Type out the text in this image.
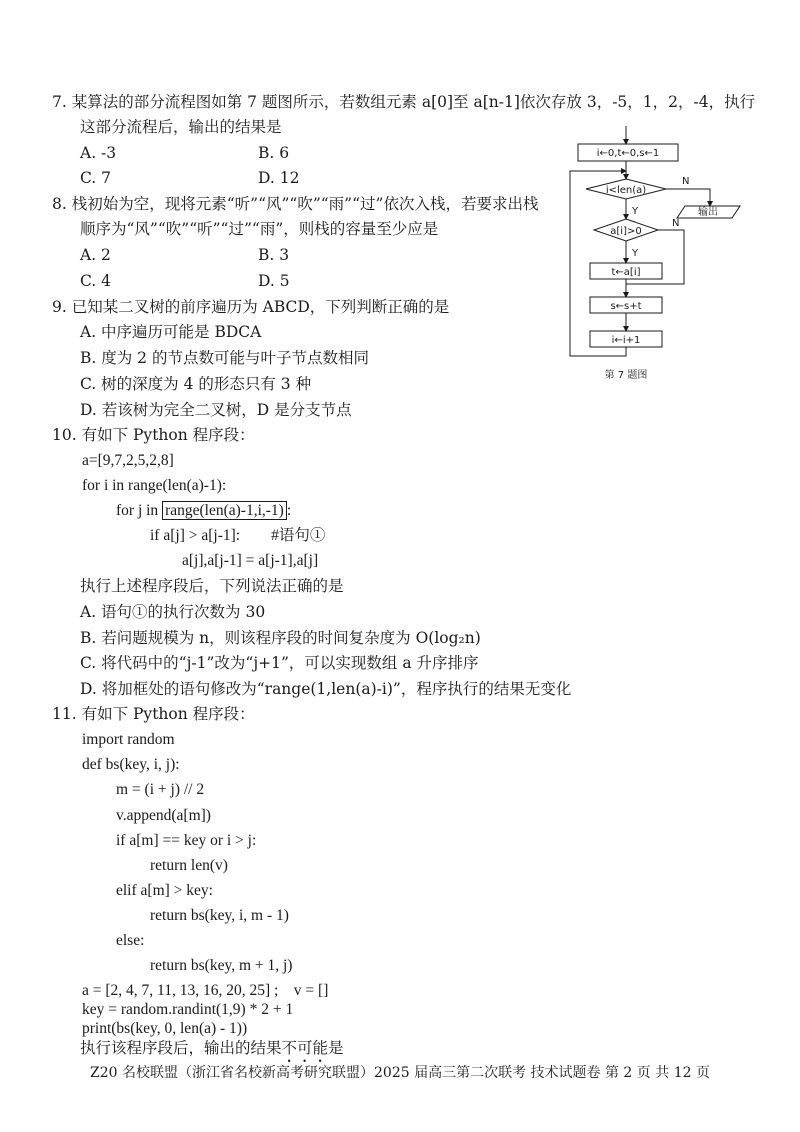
7. 某算法的部分流程图如第 7 题图所示，若数组元素 a[0]至 a[n-1]依次存放 3，-5，1，2，-4，执行
这部分流程后，输出的结果是
A. -3	B. 6
C. 7	D. 12
i←0,t←0,s←1
i<len(a)
N
输出
Y
a[i]>0
N
Y
t←a[i]
s←s+t
i←i+1
第 7 题图
8. 栈初始为空，现将元素“听”“风”“吹”“雨”“过”依次入栈，若要求出栈
顺序为“风”“吹”“听”“过”“雨”，则栈的容量至少应是
A. 2	B. 3
C. 4	D. 5
9. 已知某二叉树的前序遍历为 ABCD，下列判断正确的是
A. 中序遍历可能是 BDCA
B. 度为 2 的节点数可能与叶子节点数相同
C. 树的深度为 4 的形态只有 3 种
D. 若该树为完全二叉树，D 是分支节点
10. 有如下 Python 程序段：
a=[9,7,2,5,2,8]
for i in range(len(a)-1):
for j in range(len(a)-1,i,-1) :
if a[j] > a[j-1]:        #语句①
a[j],a[j-1] = a[j-1],a[j]
执行上述程序段后，下列说法正确的是
A. 语句①的执行次数为 30
B. 若问题规模为 n，则该程序段的时间复杂度为 O(log₂n)
C. 将代码中的“j-1”改为“j+1”，可以实现数组 a 升序排序
D. 将加框处的语句修改为“range(1,len(a)-i)”，程序执行的结果无变化
11. 有如下 Python 程序段：
import random
def bs(key, i, j):
m = (i + j) // 2
v.append(a[m])
if a[m] == key or i > j:
return len(v)
elif a[m] > key:
return bs(key, i, m - 1)
else:
return bs(key, m + 1, j)
a = [2, 4, 7, 11, 13, 16, 20, 25] ;    v = []
key = random.randint(1,9) * 2 + 1
print(bs(key, 0, len(a) - 1))
执行该程序段后，输出的结果不可能是
Z20 名校联盟（浙江省名校新高考研究联盟）2025 届高三第二次联考 技术试题卷 第 2 页 共 12 页
